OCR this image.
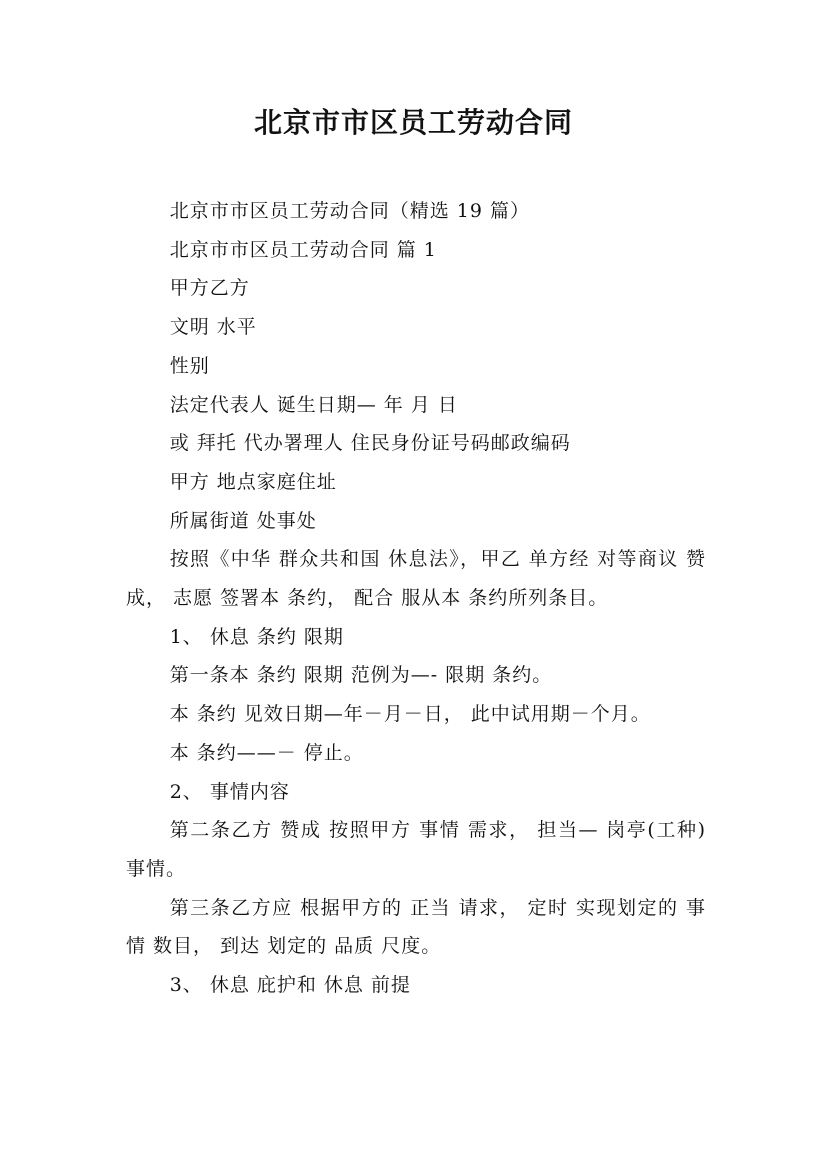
北京市市区员工劳动合同

北京市市区员工劳动合同（精选 19 篇）

北京市市区员工劳动合同 篇 1

甲方乙方

文明 水平

性别

法定代表人 诞生日期— 年 月 日

或 拜托 代办署理人 住民身份证号码邮政编码

甲方 地点家庭住址

所属街道 处事处

按照《中华 群众共和国 休息法》，甲乙 单方经 对等商议 赞成， 志愿 签署本 条约， 配合 服从本 条约所列条目。

1、 休息 条约 限期

第一条本 条约 限期 范例为—- 限期 条约。

本 条约 见效日期—年－月－日， 此中试用期－个月。

本 条约——－ 停止。

2、 事情内容

第二条乙方 赞成 按照甲方 事情 需求， 担当— 岗亭(工种) 事情。

第三条乙方应 根据甲方的 正当 请求， 定时 实现划定的 事情 数目， 到达 划定的 品质 尺度。

3、 休息 庇护和 休息 前提
